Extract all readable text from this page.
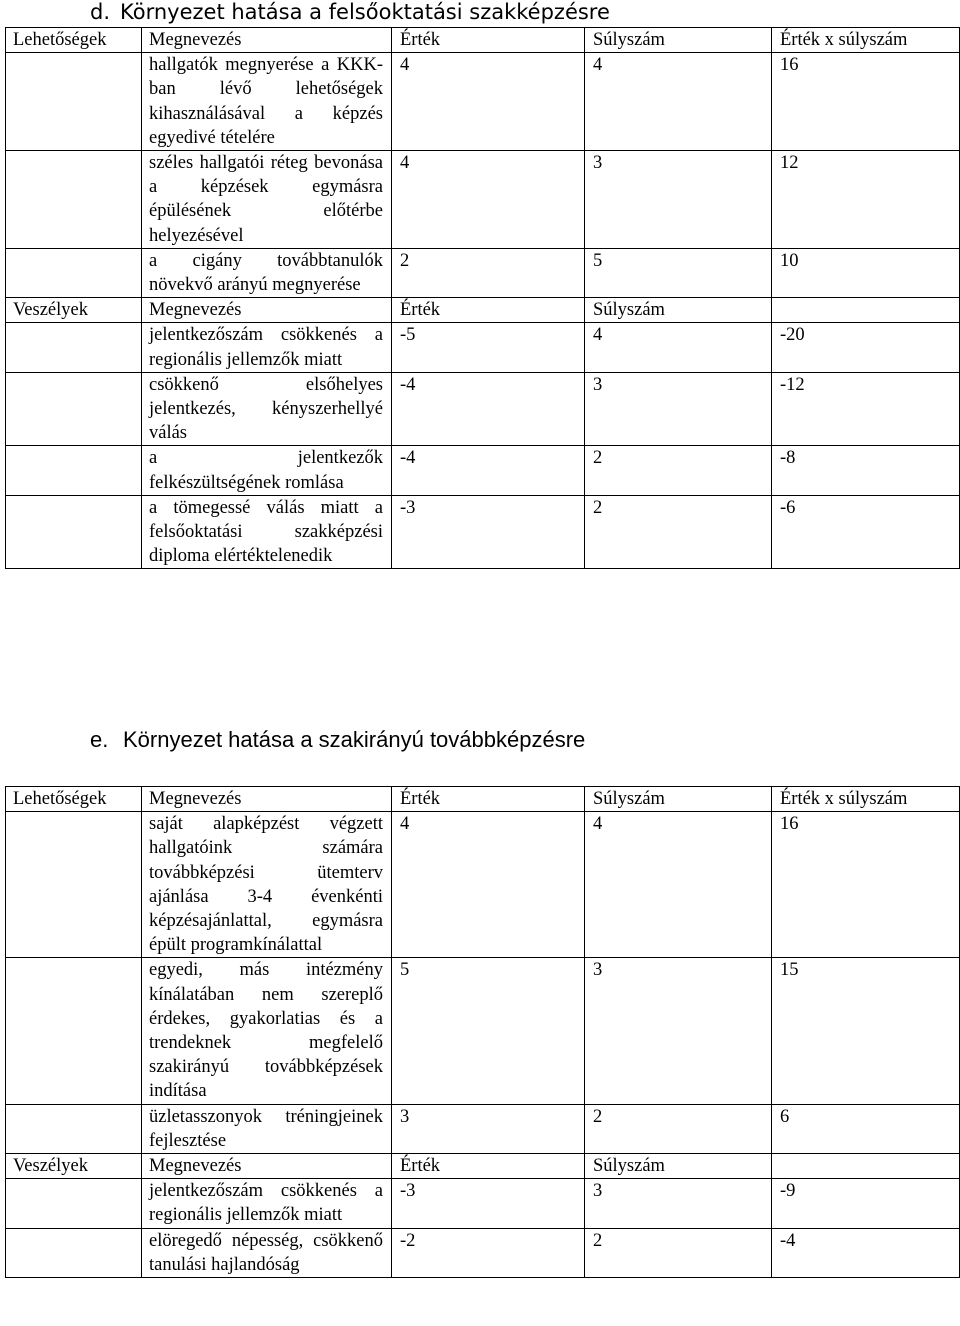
d. Környezet hatása a felsőoktatási szakképzésre
Lehetőségek	Megnevezés	Érték	Súlyszám	Érték x súlyszám
	hallgatók megnyerése a KKK-ban lévő lehetőségek kihasználásával a képzés egyedivé tételére	4	4	16
	széles hallgatói réteg bevonása a képzések egymásra épülésének előtérbe helyezésével	4	3	12
	a cigány továbbtanulók növekvő arányú megnyerése	2	5	10
Veszélyek	Megnevezés	Érték	Súlyszám	
	jelentkezőszám csökkenés a regionális jellemzők miatt	-5	4	-20
	csökkenő elsőhelyes jelentkezés, kényszerhellyé válás	-4	3	-12
	a jelentkezők felkészültségének romlása	-4	2	-8
	a tömegessé válás miatt a felsőoktatási szakképzési diploma elértéktelenedik	-3	2	-6
e. Környezet hatása a szakirányú továbbképzésre
Lehetőségek	Megnevezés	Érték	Súlyszám	Érték x súlyszám
	saját alapképzést végzett hallgatóink számára továbbképzési ütemterv ajánlása 3-4 évenkénti képzésajánlattal, egymásra épült programkínálattal	4	4	16
	egyedi, más intézmény kínálatában nem szereplő érdekes, gyakorlatias és a trendeknek megfelelő szakirányú továbbképzések indítása	5	3	15
	üzletasszonyok tréningjeinek fejlesztése	3	2	6
Veszélyek	Megnevezés	Érték	Súlyszám	
	jelentkezőszám csökkenés a regionális jellemzők miatt	-3	3	-9
	elöregedő népesség, csökkenő tanulási hajlandóság	-2	2	-4
